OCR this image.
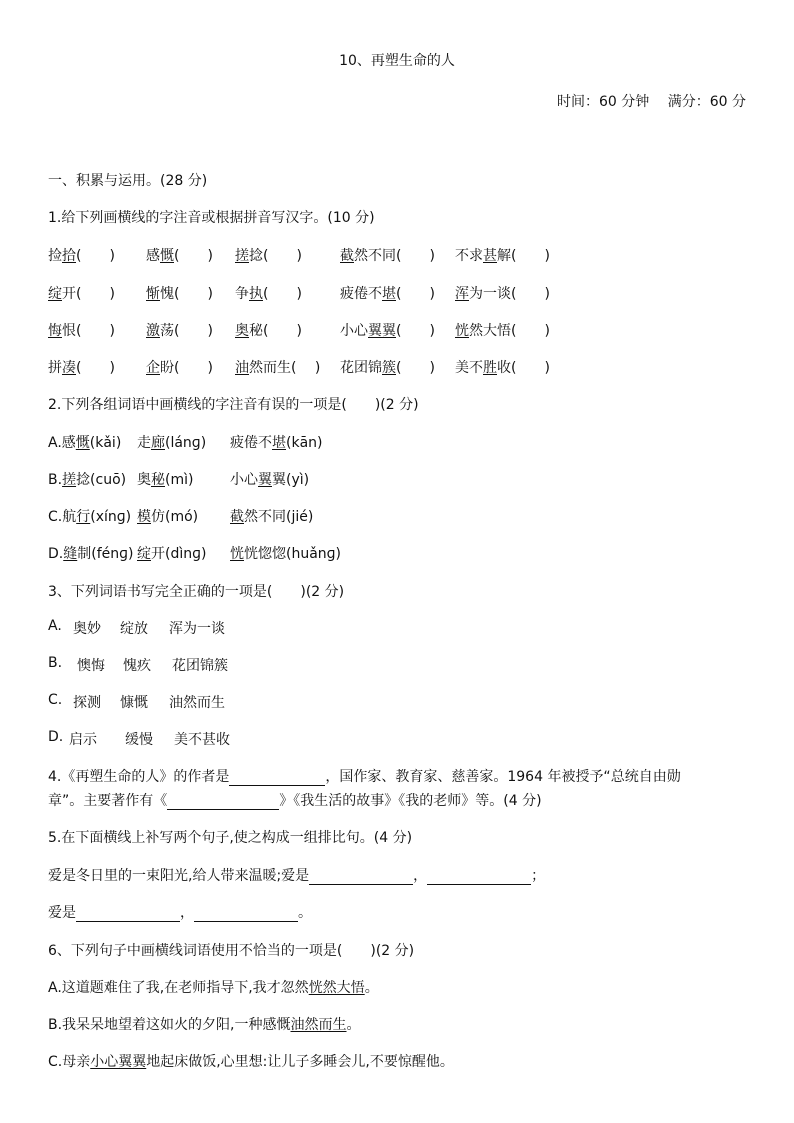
10、再塑生命的人
时间：60 分钟 满分：60 分
一、积累与运用。(28 分)
1.给下列画横线的字注音或根据拼音写汉字。(10 分)
捡拾(　　) 感慨(　　) 搓捻(　　)	截然不同(　　) 不求甚解(　　)
绽开(　　) 惭愧(　　) 争执(　　)	疲倦不堪(　　) 浑为一谈(　　)
悔恨(　　) 激荡(　　) 奥秘(　　)	小心翼翼(　　) 恍然大悟(　　)
拼凑(　　) 企盼(　　) 油然而生(　 ) 花团锦簇(　　) 美不胜收(　　)
2.下列各组词语中画横线的字注音有误的一项是(　　)(2 分)
A.感慨(kǎi) 走廊(lánɡ) 疲倦不堪(kān)
B.搓捻(cuō) 奥秘(mì)	小心翼翼(yì)
C.航行(xínɡ) 模仿(mó) 截然不同(jié)
D.缝制(fénɡ) 绽开(dìnɡ) 恍恍惚惚(huǎnɡ)
3、下列词语书写完全正确的一项是(　　)(2 分)
A. 奥妙 绽放 浑为一谈
B. 懊悔 愧疚 花团锦簇
C. 探测 慷慨 油然而生
D. 启示 缓慢 美不甚收
4.《再塑生命的人》的作者是	，国作家、教育家、慈善家。1964 年被授予“总统自由勋
章”。主要著作有《	》《我生活的故事》《我的老师》等。(4 分)
5.在下面横线上补写两个句子,使之构成一组排比句。(4 分)
爱是冬日里的一束阳光,给人带来温暖;爱是	，	；
爱是	，	。
6、下列句子中画横线词语使用不恰当的一项是(　　)(2 分)
A.这道题难住了我,在老师指导下,我才忽然恍然大悟。
B.我呆呆地望着这如火的夕阳,一种感慨油然而生。
C.母亲小心翼翼地起床做饭,心里想:让儿子多睡会儿,不要惊醒他。
